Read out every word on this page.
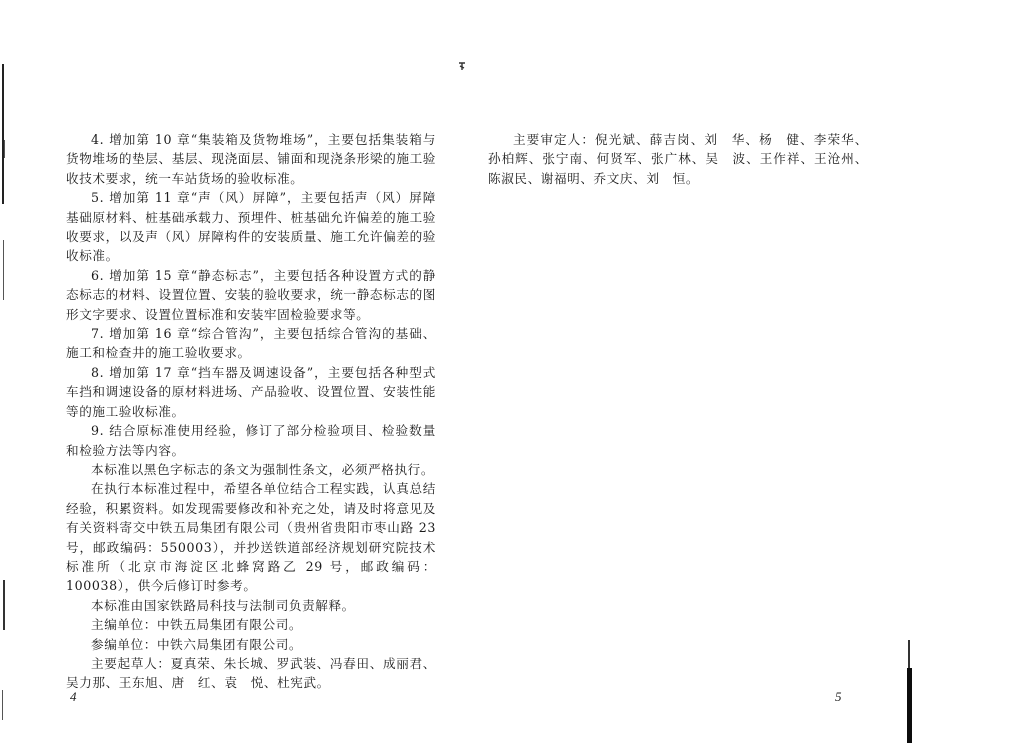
4. 增加第 10 章“集装箱及货物堆场”，主要包括集装箱与货物堆场的垫层、基层、现浇面层、铺面和现浇条形梁的施工验收技术要求，统一车站货场的验收标准。

5. 增加第 11 章“声（风）屏障”，主要包括声（风）屏障基础原材料、桩基础承载力、预埋件、桩基础允许偏差的施工验收要求，以及声（风）屏障构件的安装质量、施工允许偏差的验收标准。

6. 增加第 15 章“静态标志”，主要包括各种设置方式的静态标志的材料、设置位置、安装的验收要求，统一静态标志的图形文字要求、设置位置标准和安装牢固检验要求等。

7. 增加第 16 章“综合管沟”，主要包括综合管沟的基础、施工和检查井的施工验收要求。

8. 增加第 17 章“挡车器及调速设备”，主要包括各种型式车挡和调速设备的原材料进场、产品验收、设置位置、安装性能等的施工验收标准。

9. 结合原标准使用经验，修订了部分检验项目、检验数量和检验方法等内容。

本标准以黑色字标志的条文为强制性条文，必须严格执行。

在执行本标准过程中，希望各单位结合工程实践，认真总结经验，积累资料。如发现需要修改和补充之处，请及时将意见及有关资料寄交中铁五局集团有限公司（贵州省贵阳市枣山路 23 号，邮政编码：550003），并抄送铁道部经济规划研究院技术标准所（北京市海淀区北蜂窝路乙 29 号，邮政编码：100038），供今后修订时参考。

本标准由国家铁路局科技与法制司负责解释。

主编单位：中铁五局集团有限公司。

参编单位：中铁六局集团有限公司。

主要起草人：夏真荣、朱长城、罗武装、冯春田、成丽君、吴力那、王东旭、唐　红、袁　悦、杜宪武。

主要审定人：倪光斌、薛吉岗、刘　华、杨　健、李荣华、孙柏辉、张宁南、何贤军、张广林、吴　波、王作祥、王沧州、陈淑民、谢福明、乔文庆、刘　恒。

4	5
